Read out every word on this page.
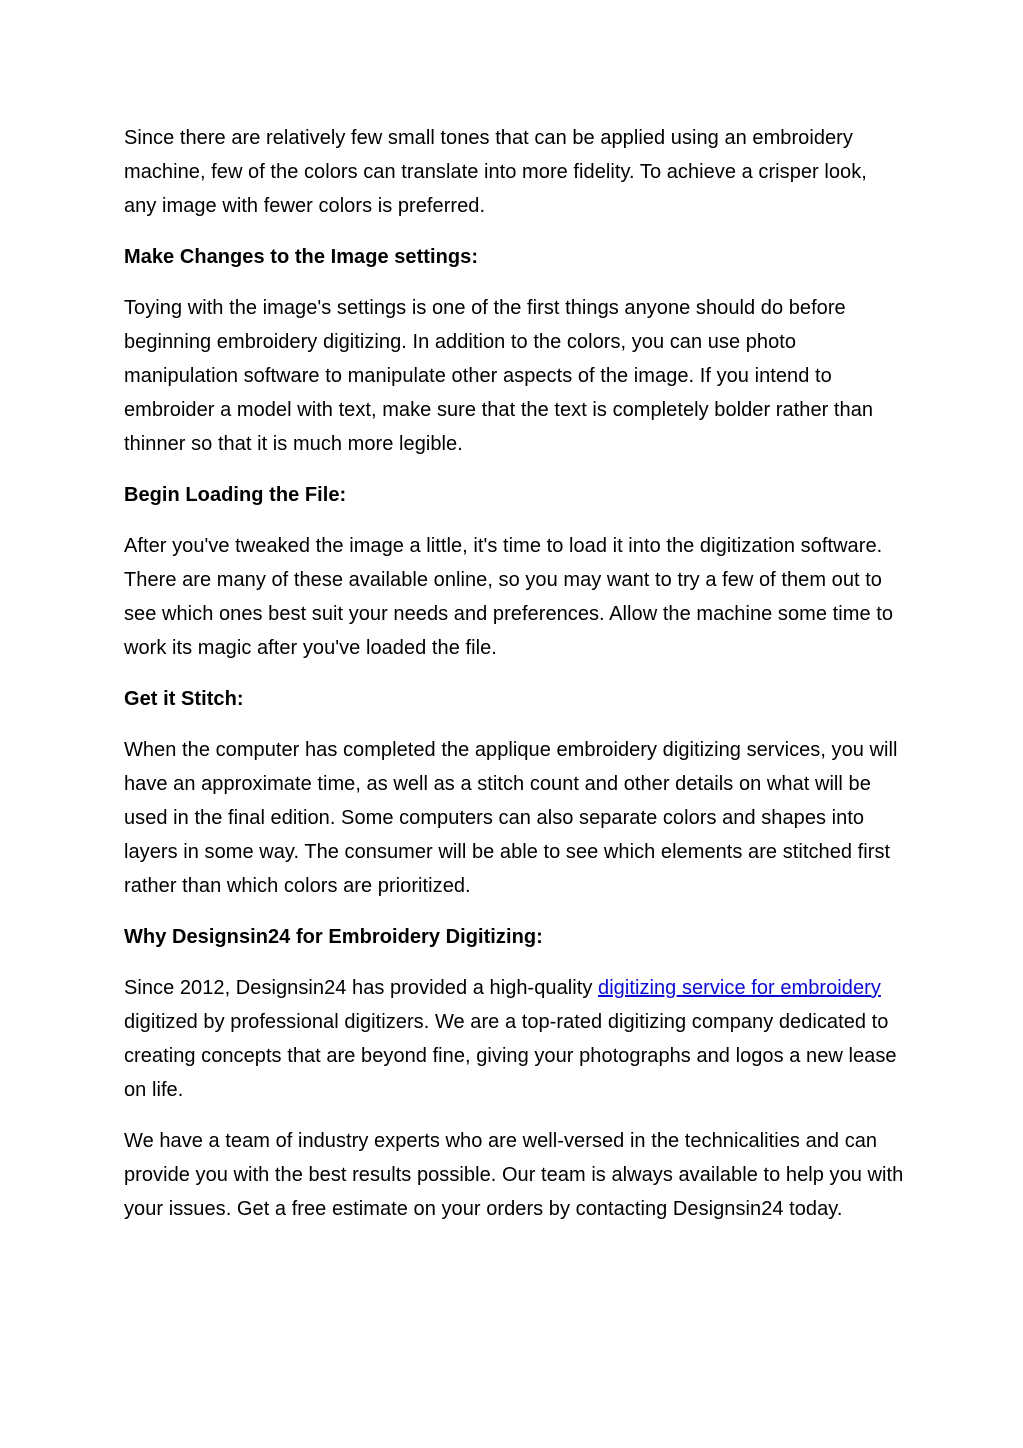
Since there are relatively few small tones that can be applied using an embroidery machine, few of the colors can translate into more fidelity. To achieve a crisper look, any image with fewer colors is preferred.

Make Changes to the Image settings:

Toying with the image's settings is one of the first things anyone should do before beginning embroidery digitizing. In addition to the colors, you can use photo manipulation software to manipulate other aspects of the image. If you intend to embroider a model with text, make sure that the text is completely bolder rather than thinner so that it is much more legible.

Begin Loading the File:

After you've tweaked the image a little, it's time to load it into the digitization software. There are many of these available online, so you may want to try a few of them out to see which ones best suit your needs and preferences. Allow the machine some time to work its magic after you've loaded the file.

Get it Stitch:

When the computer has completed the applique embroidery digitizing services, you will have an approximate time, as well as a stitch count and other details on what will be used in the final edition. Some computers can also separate colors and shapes into layers in some way. The consumer will be able to see which elements are stitched first rather than which colors are prioritized.

Why Designsin24 for Embroidery Digitizing:

Since 2012, Designsin24 has provided a high-quality digitizing service for embroidery digitized by professional digitizers. We are a top-rated digitizing company dedicated to creating concepts that are beyond fine, giving your photographs and logos a new lease on life.

We have a team of industry experts who are well-versed in the technicalities and can provide you with the best results possible. Our team is always available to help you with your issues. Get a free estimate on your orders by contacting Designsin24 today.
